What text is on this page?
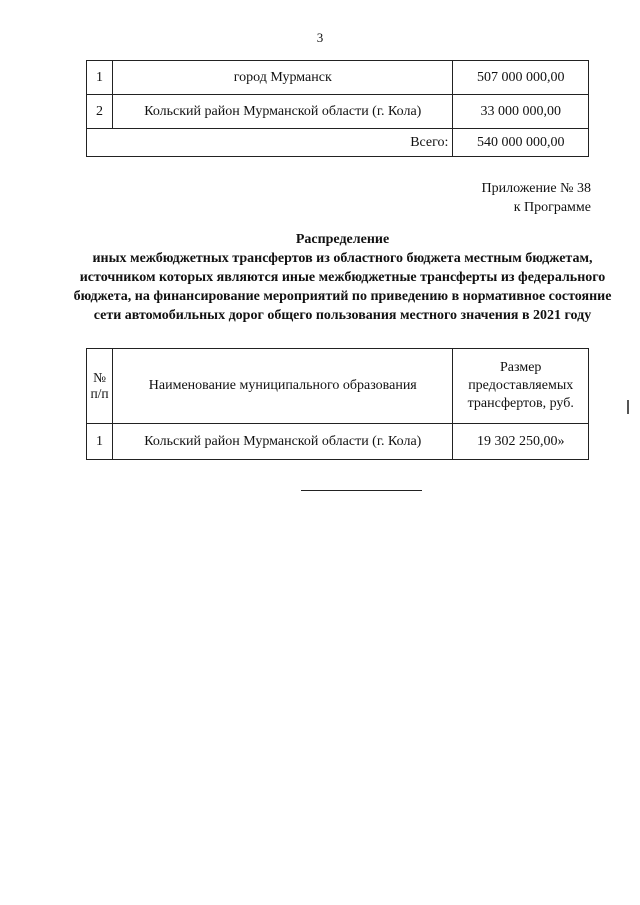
3
1	город Мурманск	507 000 000,00
2	Кольский район Мурманской области (г. Кола)	33 000 000,00
Всего:		540 000 000,00
Приложение № 38
к Программе
Распределение
иных межбюджетных трансфертов из областного бюджета местным бюджетам, источником которых являются иные межбюджетные трансферты из федерального бюджета, на финансирование мероприятий по приведению в нормативное состояние сети автомобильных дорог общего пользования местного значения в 2021 году
№ п/п	Наименование муниципального образования	Размер предоставляемых трансфертов, руб.
1	Кольский район Мурманской области (г. Кола)	19 302 250,00»
